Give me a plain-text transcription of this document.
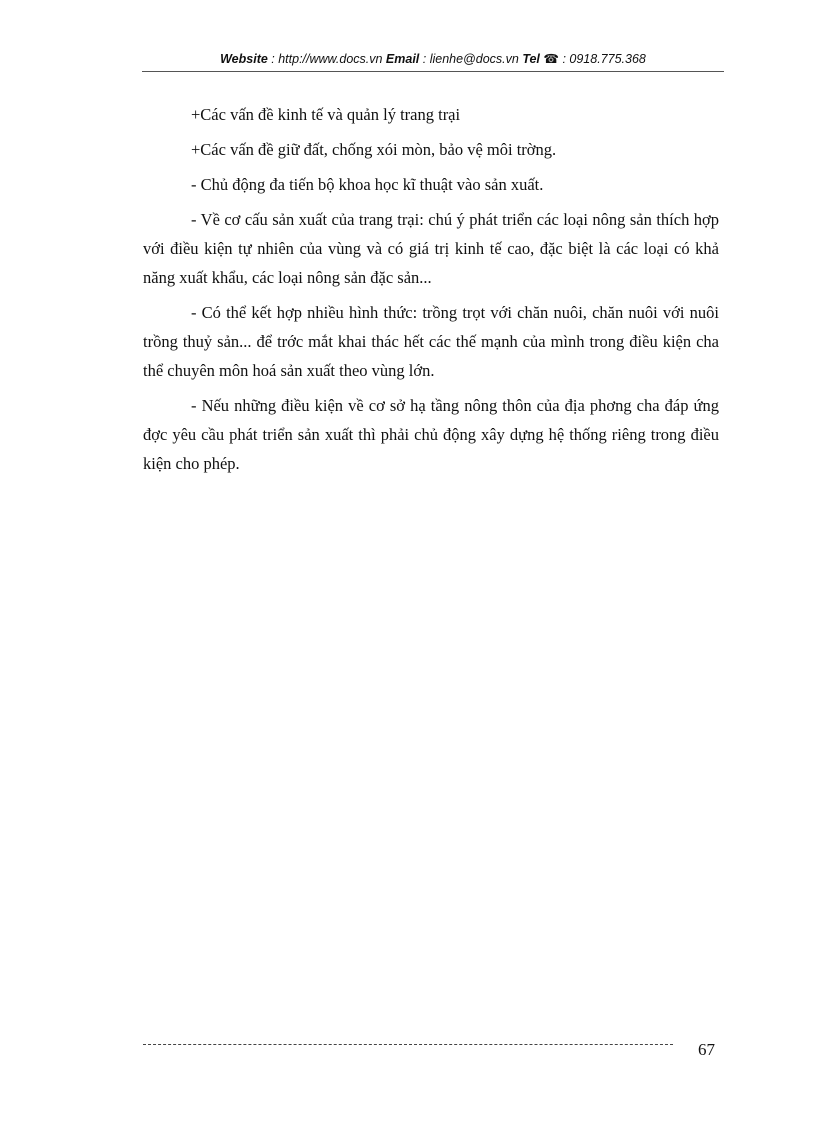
Website : http://www.docs.vn Email : lienhe@docs.vn Tel ☎ : 0918.775.368

+Các vấn đề kinh tế và quản lý trang trại

+Các vấn đề giữ đất, chống xói mòn, bảo vệ môi trờng.

- Chủ động đa tiến bộ khoa học kĩ thuật vào sản xuất.

- Về cơ cấu sản xuất của trang trại: chú ý phát triển các loại nông sản thích hợp với điều kiện tự nhiên của vùng và có giá trị kinh tế cao, đặc biệt là các loại có khả năng xuất khẩu, các loại nông sản đặc sản...

- Có thể kết hợp nhiều hình thức: trồng trọt với chăn nuôi, chăn nuôi với nuôi trồng thuỷ sản... để trớc mắt khai thác hết các thế mạnh của mình trong điều kiện cha thể chuyên môn hoá sản xuất theo vùng lớn.

- Nếu những điều kiện về cơ sở hạ tầng nông thôn của địa phơng cha đáp ứng đợc yêu cầu phát triển sản xuất thì phải chủ động xây dựng hệ thống riêng trong điều kiện cho phép.

67
